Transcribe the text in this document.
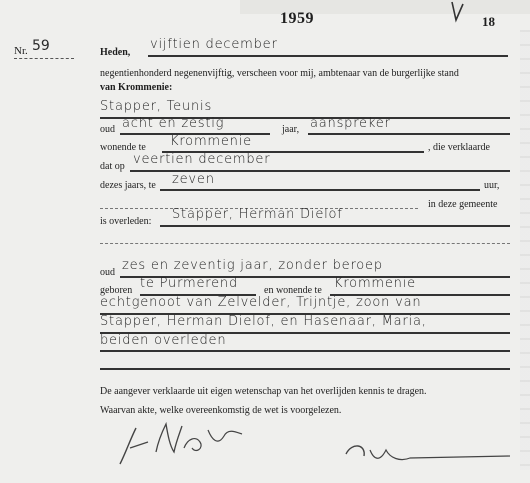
1959	18
Nr. 59	Heden,
vijftien december
negentienhonderd negenenvijftig, verscheen voor mij, ambtenaar van de burgerlijke stand
van Krommenie:
Stapper, Teunis
oud acht en zestig	jaar, aanspreker
wonende te Krommenie	, die verklaarde
dat op veertien december
dezes jaars, te zeven	uur,
in deze gemeente
is overleden: Stapper, Herman Dielof
oud zes en zeventig jaar, zonder beroep
geboren te Purmerend	en wonende te Krommenie
echtgenoot van Zelvelder, Trijntje, zoon van
Stapper, Herman Dielof, en Hasenaar, Maria,
beiden overleden
De aangever verklaarde uit eigen wetenschap van het overlijden kennis te dragen.
Waarvan akte, welke overeenkomstig de wet is voorgelezen.
